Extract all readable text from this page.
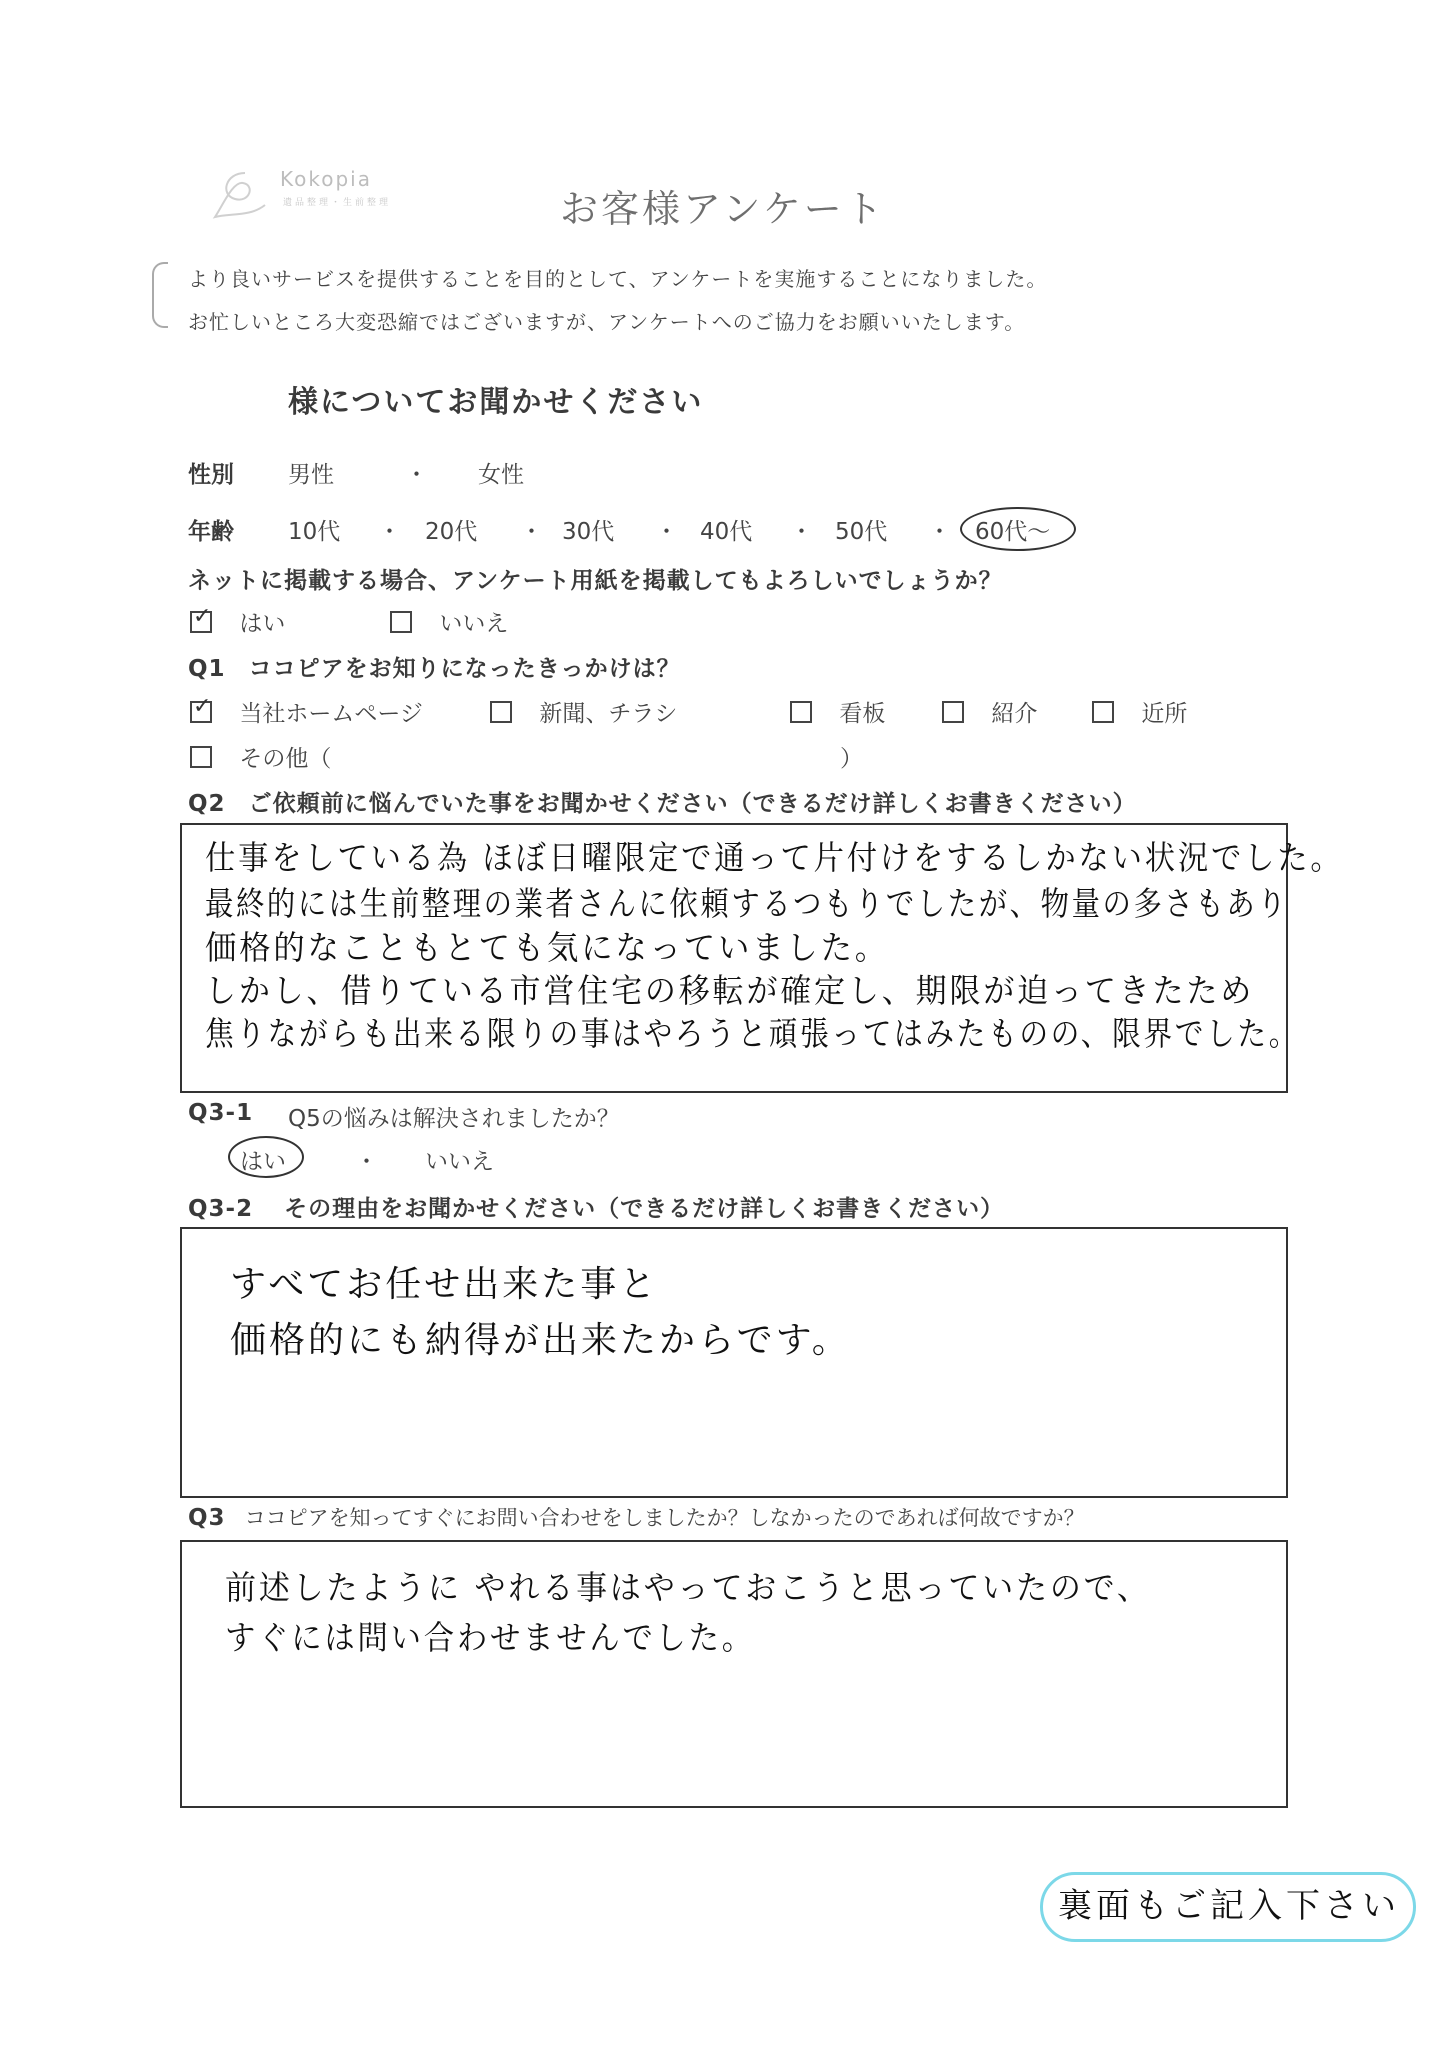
Kokopia
遺品整理・生前整理	お客様アンケート
より良いサービスを提供することを目的として、アンケートを実施することになりました。
お忙しいところ大変恐縮ではございますが、アンケートへのご協力をお願いいたします。
様についてお聞かせください
性別 男性	・ 女性
年齢 10代 ・ 20代 ・ 30代 ・ 40代 ・ 50代 ・ 60代〜
ネットに掲載する場合、アンケート用紙を掲載してもよろしいでしょうか？
✓ はい	いいえ
Q1 ココピアをお知りになったきっかけは？
✓ 当社ホームページ	新聞、チラシ	看板	紹介	近所
その他（	）
Q2 ご依頼前に悩んでいた事をお聞かせください（できるだけ詳しくお書きください）
仕事をしている為 ほぼ日曜限定で通って片付けをするしかない状況でした。
最終的には生前整理の業者さんに依頼するつもりでしたが、物量の多さもあり
価格的なこともとても気になっていました。
しかし、借りている市営住宅の移転が確定し、期限が迫ってきたため
焦りながらも出来る限りの事はやろうと頑張ってはみたものの、限界でした。
Q3-1 Q5の悩みは解決されましたか？
はい	・ いいえ
Q3-2 その理由をお聞かせください（できるだけ詳しくお書きください）
すべてお任せ出来た事と
価格的にも納得が出来たからです。
Q3 ココピアを知ってすぐにお問い合わせをしましたか？しなかったのであれば何故ですか？
前述したように やれる事はやっておこうと思っていたので、
すぐには問い合わせませんでした。
裏面もご記入下さい
